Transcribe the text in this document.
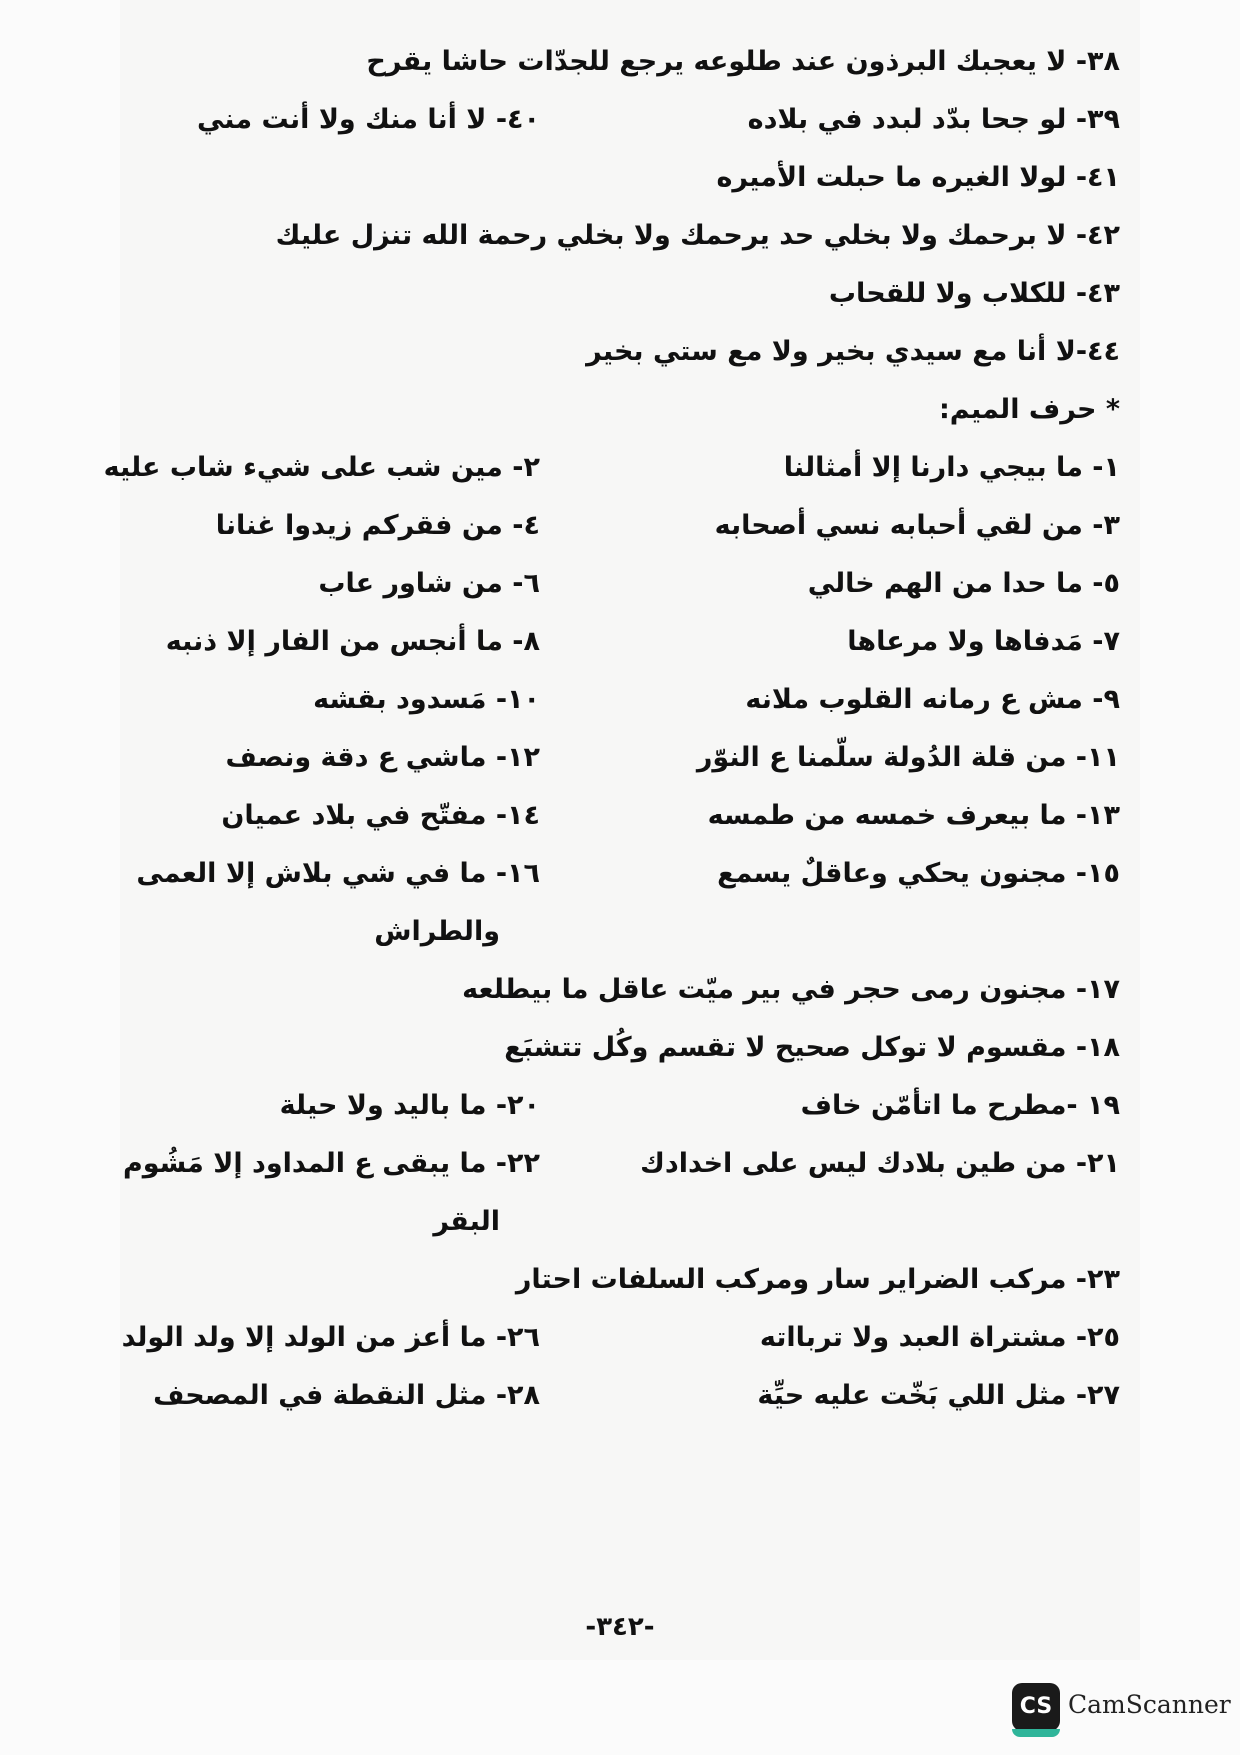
٣٨- لا يعجبك البرذون عند طلوعه يرجع للجدّات حاشا يقرح
٣٩- لو جحا بدّد لبدد في بلاده
٤٠- لا أنا منك ولا أنت مني
٤١- لولا الغيره ما حبلت الأميره
٤٢- لا برحمك ولا بخلي حد يرحمك ولا بخلي رحمة الله تنزل عليك
٤٣- للكلاب ولا للقحاب
٤٤-لا أنا مع سيدي بخير ولا مع ستي بخير
* حرف الميم:
١- ما بيجي دارنا إلا أمثالنا
٢- مين شب على شيء شاب عليه
٣- من لقي أحبابه نسي أصحابه
٤- من فقركم زيدوا غنانا
٥- ما حدا من الهم خالي
٦- من شاور عاب
٧- مَدفاها ولا مرعاها
٨- ما أنجس من الفار إلا ذنبه
٩- مش ع رمانه القلوب ملانه
١٠- مَسدود بقشه
١١- من قلة الدُولة سلّمنا ع النوّر
١٢- ماشي ع دقة ونصف
١٣- ما بيعرف خمسه من طمسه
١٤- مفتّح في بلاد عميان
١٥- مجنون يحكي وعاقلٌ يسمع
١٦- ما في شي بلاش إلا العمى
والطراش
١٧- مجنون رمى حجر في بير ميّت عاقل ما بيطلعه
١٨- مقسوم لا توكل صحيح لا تقسم وكُل تتشبَع
١٩ -مطرح ما اتأمّن خاف
٢٠- ما باليد ولا حيلة
٢١- من طين بلادك ليس على اخدادك
٢٢- ما يبقى ع المداود إلا مَشُوم
البقر
٢٣- مركب الضراير سار ومركب السلفات احتار
٢٥- مشتراة العبد ولا تربااته
٢٦- ما أعز من الولد إلا ولد الولد
٢٧- مثل اللي بَخّت عليه حيِّة
٢٨- مثل النقطة في المصحف
-٣٤٢-
CS CamScanner
